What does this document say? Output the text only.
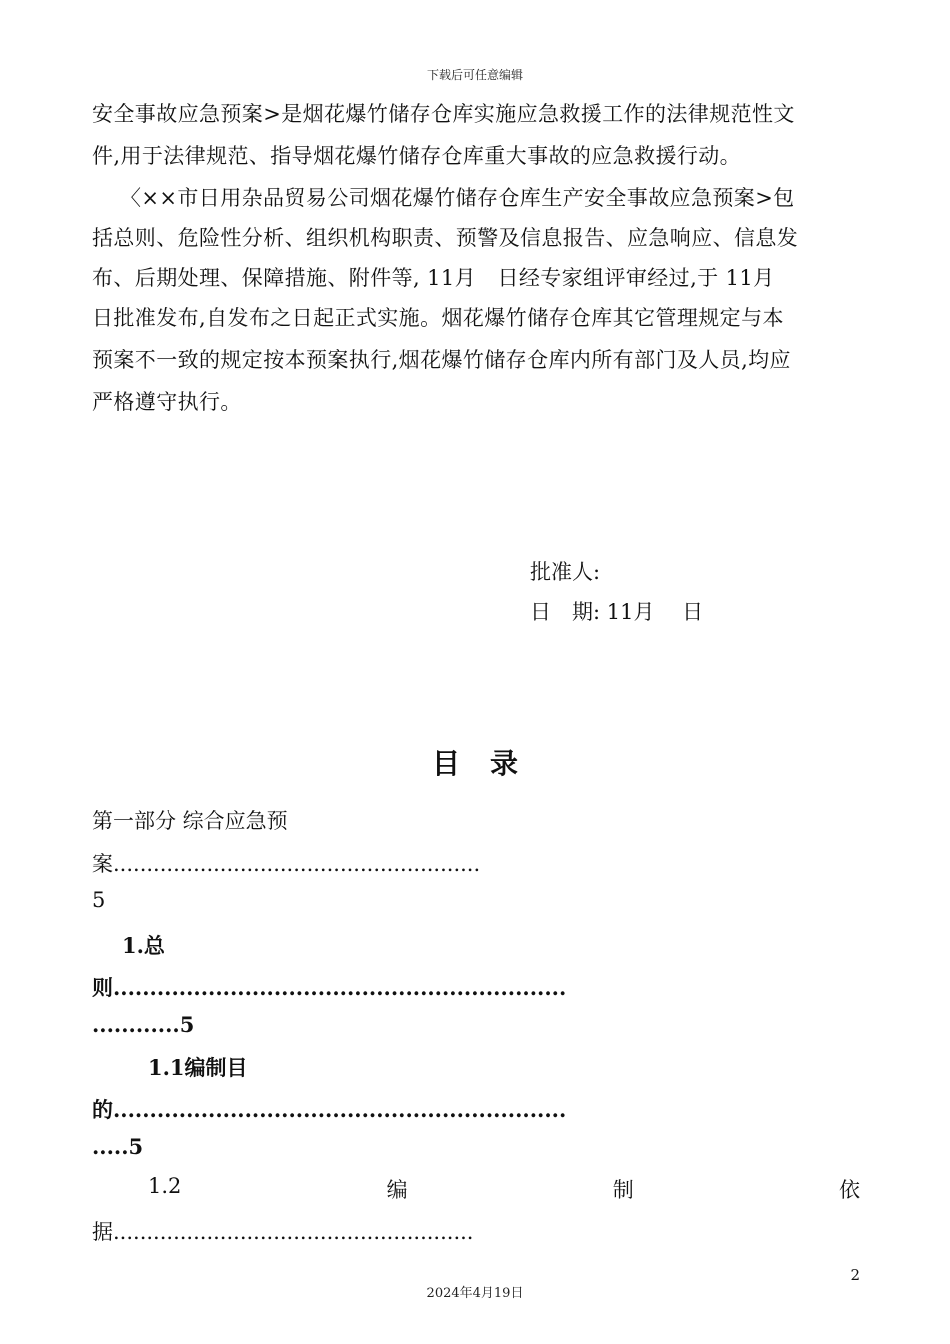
下载后可任意编辑
安全事故应急预案>是烟花爆竹储存仓库实施应急救援工作的法律规范性文
件,用于法律规范、指导烟花爆竹储存仓库重大事故的应急救援行动。
〈××市日用杂品贸易公司烟花爆竹储存仓库生产安全事故应急预案>包
括总则、危险性分析、组织机构职责、预警及信息报告、应急响应、信息发
布、后期处理、保障措施、附件等, 11月　日经专家组评审经过,于 11月
日批准发布,自发布之日起正式实施。烟花爆竹储存仓库其它管理规定与本
预案不一致的规定按本预案执行,烟花爆竹储存仓库内所有部门及人员,均应
严格遵守执行。
批准人:
日　期: 11月　 日
目录
第一部分 综合应急预
案.......................................................
5
1.总
则..............................................................
............5
1.1编制目
的..............................................................
.....5
1.2	编	制	依
据......................................................
2
2024年4月19日
